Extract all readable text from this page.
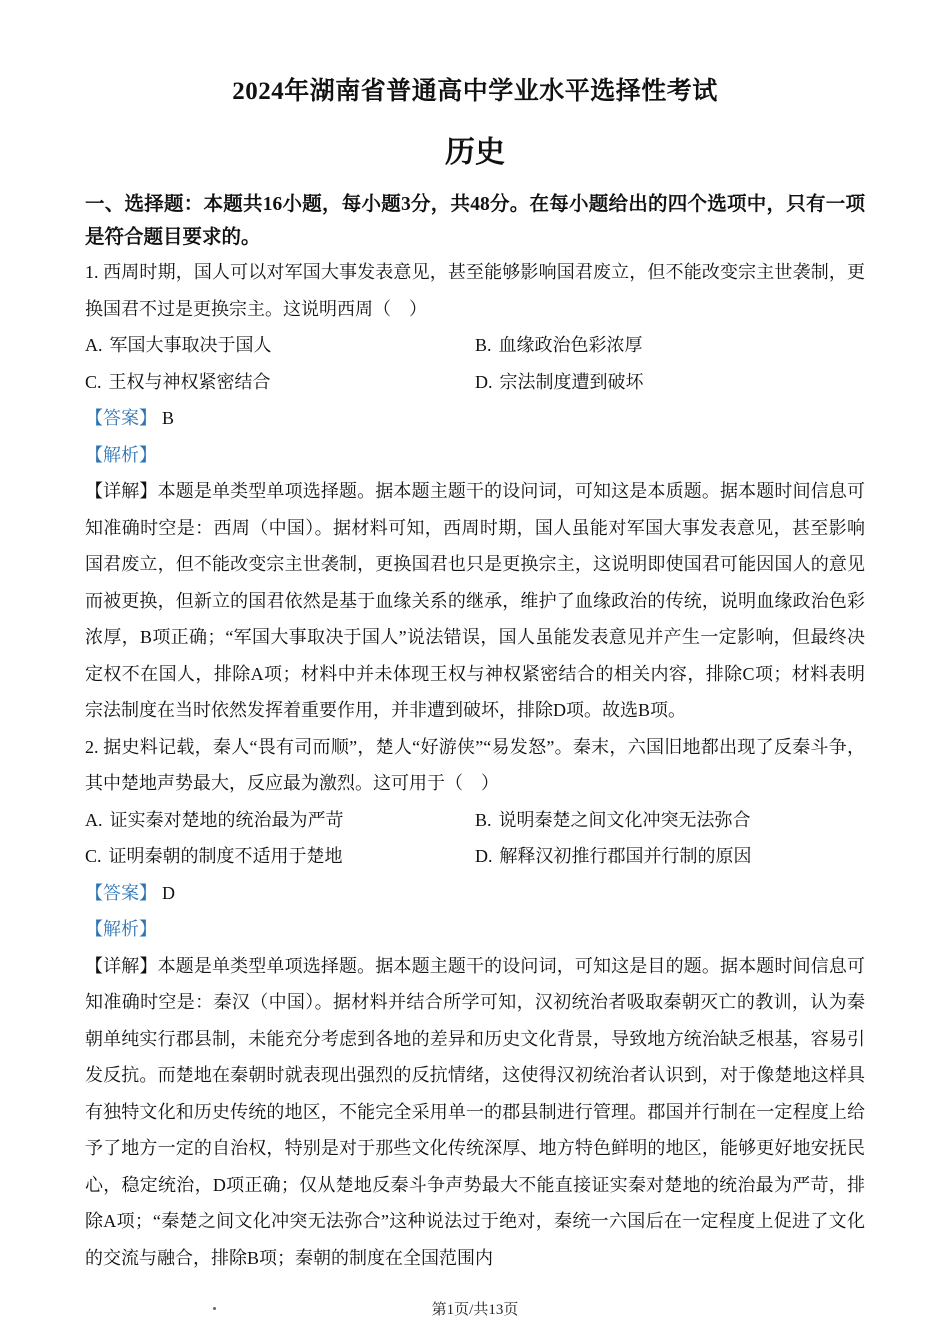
2024年湖南省普通高中学业水平选择性考试
历史

一、选择题：本题共16小题，每小题3分，共48分。在每小题给出的四个选项中，只有一项是符合题目要求的。

1. 西周时期，国人可以对军国大事发表意见，甚至能够影响国君废立，但不能改变宗主世袭制，更换国君不过是更换宗主。这说明西周（　）

A. 军国大事取决于国人	B. 血缘政治色彩浓厚

C. 王权与神权紧密结合	D. 宗法制度遭到破坏

【答案】 B

【解析】

【详解】本题是单类型单项选择题。据本题主题干的设问词，可知这是本质题。据本题时间信息可知准确时空是：西周（中国）。据材料可知，西周时期，国人虽能对军国大事发表意见，甚至影响国君废立，但不能改变宗主世袭制，更换国君也只是更换宗主，这说明即使国君可能因国人的意见而被更换，但新立的国君依然是基于血缘关系的继承，维护了血缘政治的传统，说明血缘政治色彩浓厚，B项正确；“军国大事取决于国人”说法错误，国人虽能发表意见并产生一定影响，但最终决定权不在国人，排除A项；材料中并未体现王权与神权紧密结合的相关内容，排除C项；材料表明宗法制度在当时依然发挥着重要作用，并非遭到破坏，排除D项。故选B项。

2. 据史料记载，秦人“畏有司而顺”，楚人“好游侠”“易发怒”。秦末，六国旧地都出现了反秦斗争，其中楚地声势最大，反应最为激烈。这可用于（　）

A. 证实秦对楚地的统治最为严苛	B. 说明秦楚之间文化冲突无法弥合

C. 证明秦朝的制度不适用于楚地	D. 解释汉初推行郡国并行制的原因

【答案】 D

【解析】

【详解】本题是单类型单项选择题。据本题主题干的设问词，可知这是目的题。据本题时间信息可知准确时空是：秦汉（中国）。据材料并结合所学可知，汉初统治者吸取秦朝灭亡的教训，认为秦朝单纯实行郡县制，未能充分考虑到各地的差异和历史文化背景，导致地方统治缺乏根基，容易引发反抗。而楚地在秦朝时就表现出强烈的反抗情绪，这使得汉初统治者认识到，对于像楚地这样具有独特文化和历史传统的地区，不能完全采用单一的郡县制进行管理。郡国并行制在一定程度上给予了地方一定的自治权，特别是对于那些文化传统深厚、地方特色鲜明的地区，能够更好地安抚民心，稳定统治，D项正确；仅从楚地反秦斗争声势最大不能直接证实秦对楚地的统治最为严苛，排除A项；“秦楚之间文化冲突无法弥合”这种说法过于绝对，秦统一六国后在一定程度上促进了文化的交流与融合，排除B项；秦朝的制度在全国范围内

第1页/共13页
